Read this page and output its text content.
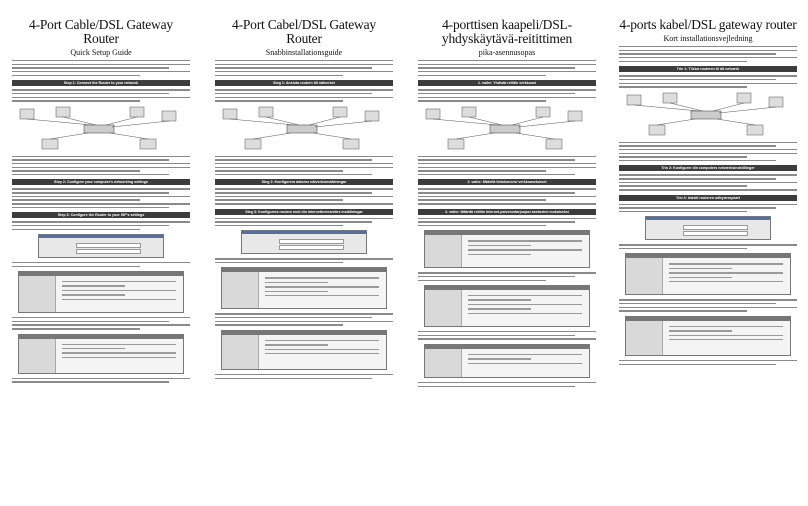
4-Port Cable/DSL Gateway Router
Quick Setup Guide
Step 1: Connect the Router to your network
Step 2: Configure your computer's networking settings
Step 3: Configure the Router to your ISP's settings
4-Port Cabel/DSL Gateway Router
Snabbinstallationsguide
Steg 1: Ansluta routern till nätverket
Steg 2: Konfigurera datorns nätverksinställningar
Steg 3: Konfigurera routern med din internetleverantörs inställningar
4-porttisen kaapeli/DSL-yhdyskäytävä-reitittimen
pika-asennusopas
1. vaihe: Yhdistä reititin verkkoosi
2. vaihe: Määritä tietokoneesi verkkoasetukset
3. vaihe: Määritä reititin Internet-palveluntarjoajasi asetusten mukaiseksi
4-ports kabel/DSL gateway router
Kort installationsvejledning
Trin 1: Tilslut routeren til dit netværk
Trin 2: Konfigurer din computers netværksindstillinger
Trin 3: Indstil routeren udbyderopsæt
